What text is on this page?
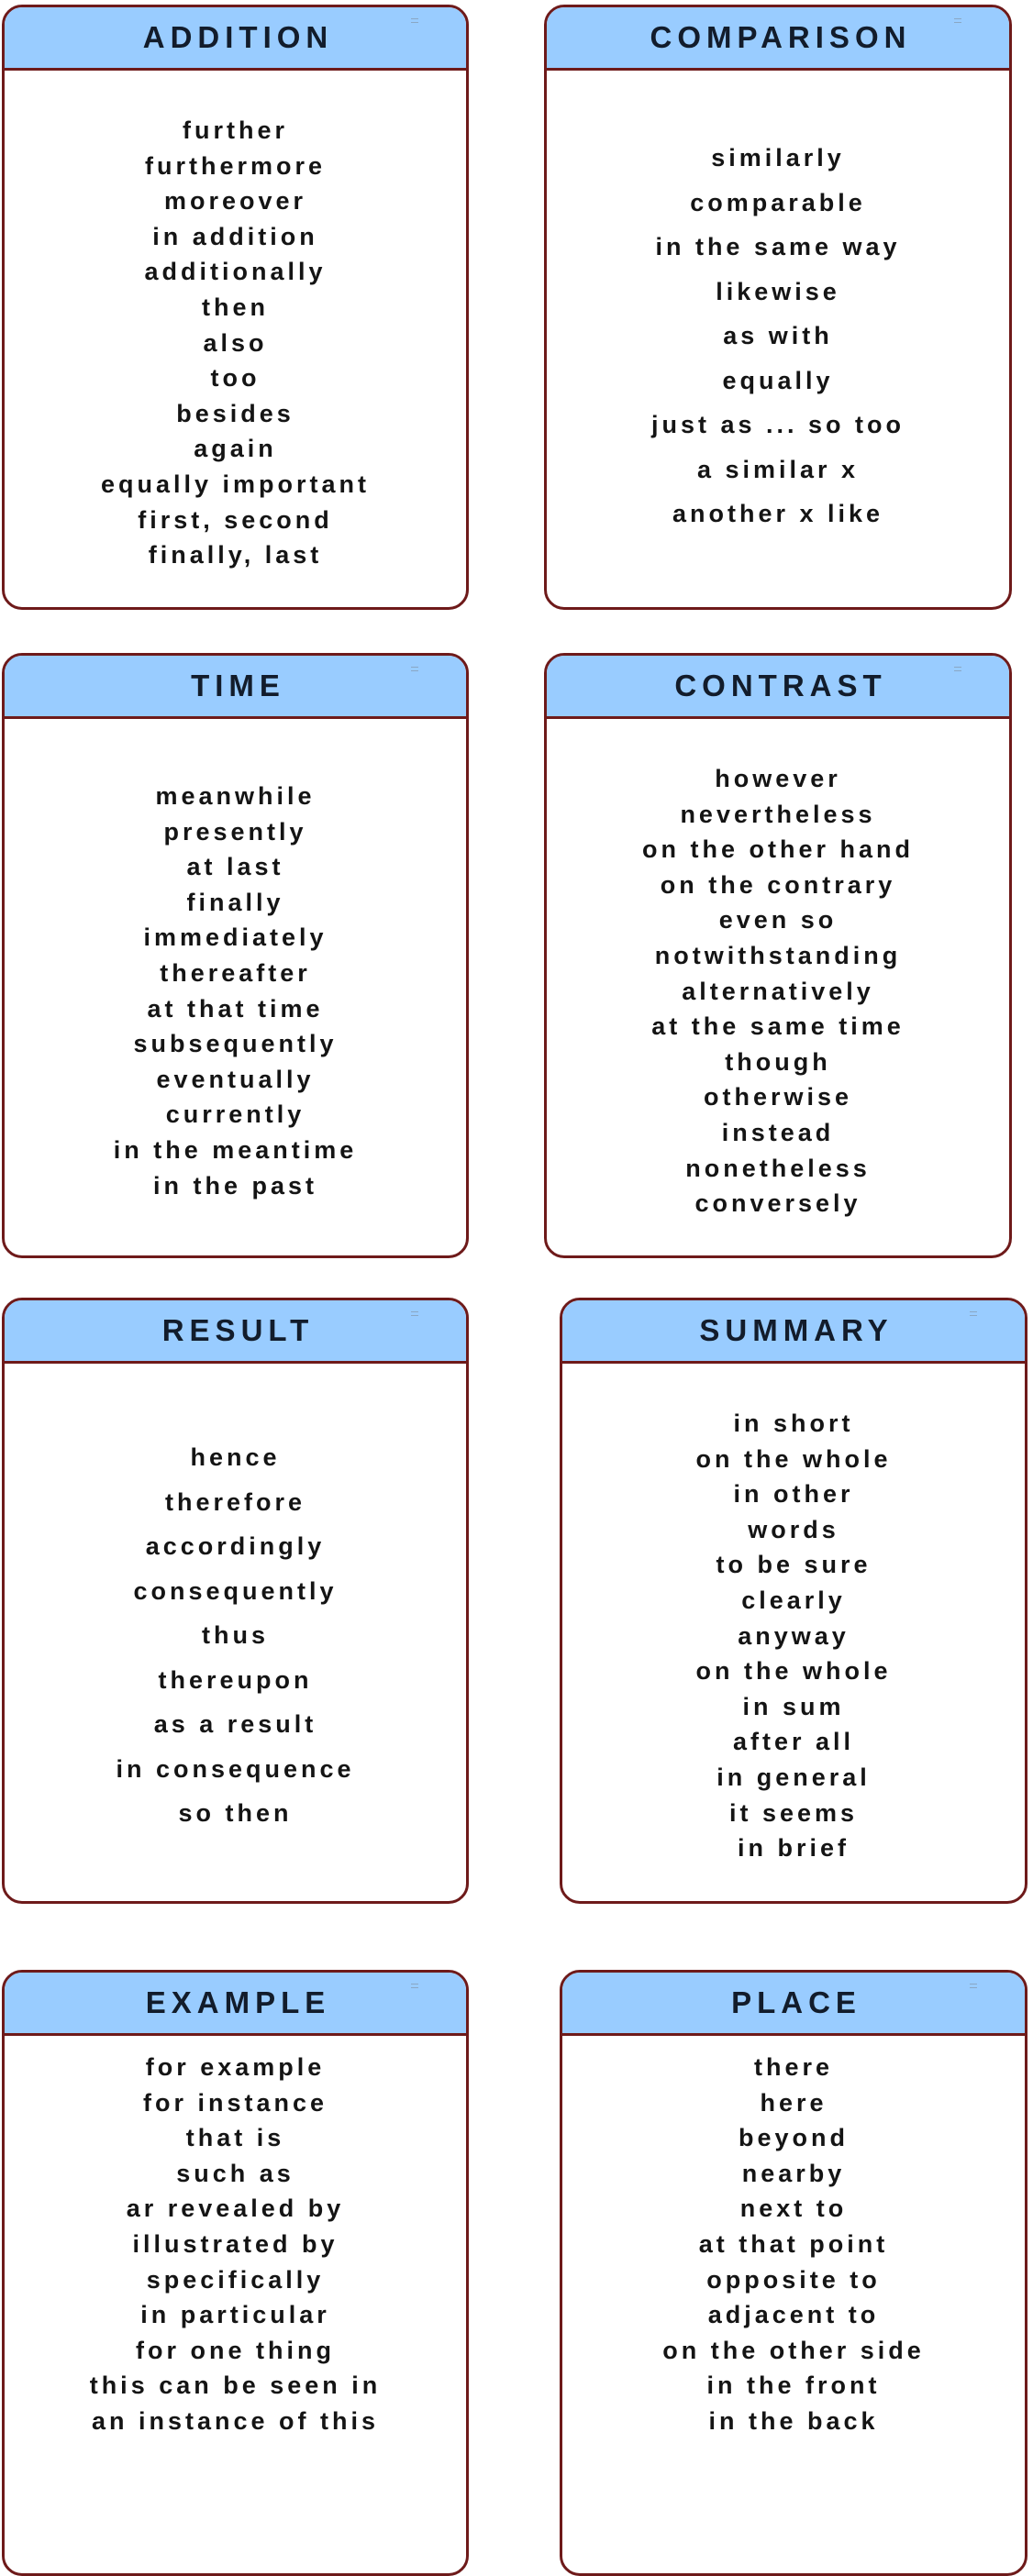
ADDITION
further
furthermore
moreover
in addition
additionally
then
also
too
besides
again
equally important
first, second
finally, last
COMPARISON
similarly
comparable
in the same way
likewise
as with
equally
just as ... so too
a similar x
another x like
TIME
meanwhile
presently
at last
finally
immediately
thereafter
at that time
subsequently
eventually
currently
in the meantime
in the past
CONTRAST
however
nevertheless
on the other hand
on the contrary
even so
notwithstanding
alternatively
at the same time
though
otherwise
instead
nonetheless
conversely
RESULT
hence
therefore
accordingly
consequently
thus
thereupon
as a result
in consequence
so then
SUMMARY
in short
on the whole
in other
words
to be sure
clearly
anyway
on the whole
in sum
after all
in general
it seems
in brief
EXAMPLE
for example
for instance
that is
such as
ar revealed by
illustrated by
specifically
in particular
for one thing
this can be seen in
an instance of this
PLACE
there
here
beyond
nearby
next to
at that point
opposite to
adjacent to
on the other side
in the front
in the back
